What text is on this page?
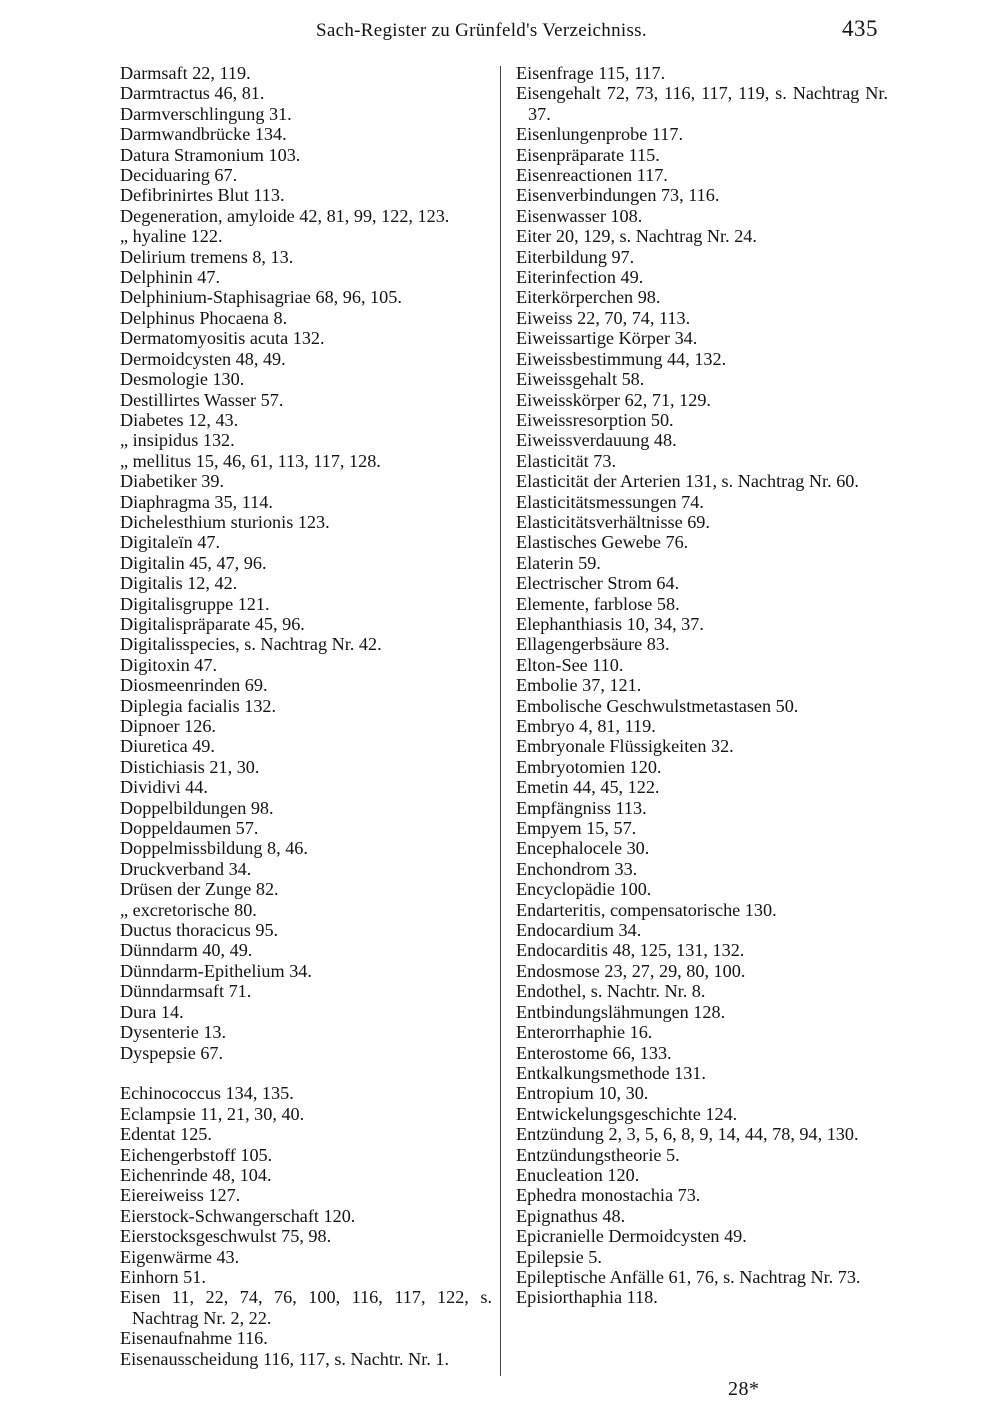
Sach-Register zu Grünfeld's Verzeichniss.	435
Darmsaft 22, 119.
Darmtractus 46, 81.
Darmverschlingung 31.
Darmwandbrücke 134.
Datura Stramonium 103.
Deciduaring 67.
Defibrinirtes Blut 113.
Degeneration, amyloide 42, 81, 99, 122, 123.
„ hyaline 122.
Delirium tremens 8, 13.
Delphinin 47.
Delphinium-Staphisagriae 68, 96, 105.
Delphinus Phocaena 8.
Dermatomyositis acuta 132.
Dermoidcysten 48, 49.
Desmologie 130.
Destillirtes Wasser 57.
Diabetes 12, 43.
„ insipidus 132.
„ mellitus 15, 46, 61, 113, 117, 128.
Diabetiker 39.
Diaphragma 35, 114.
Dichelesthium sturionis 123.
Digitaleïn 47.
Digitalin 45, 47, 96.
Digitalis 12, 42.
Digitalisgruppe 121.
Digitalispräparate 45, 96.
Digitalisspecies, s. Nachtrag Nr. 42.
Digitoxin 47.
Diosmeenrinden 69.
Diplegia facialis 132.
Dipnoer 126.
Diuretica 49.
Distichiasis 21, 30.
Dividivi 44.
Doppelbildungen 98.
Doppeldaumen 57.
Doppelmissbildung 8, 46.
Druckverband 34.
Drüsen der Zunge 82.
„ excretorische 80.
Ductus thoracicus 95.
Dünndarm 40, 49.
Dünndarm-Epithelium 34.
Dünndarmsaft 71.
Dura 14.
Dysenterie 13.
Dyspepsie 67.
Echinococcus 134, 135.
Eclampsie 11, 21, 30, 40.
Edentat 125.
Eichengerbstoff 105.
Eichenrinde 48, 104.
Eiereiweiss 127.
Eierstock-Schwangerschaft 120.
Eierstocksgeschwulst 75, 98.
Eigenwärme 43.
Einhorn 51.
Eisen 11, 22, 74, 76, 100, 116, 117, 122, s. Nachtrag Nr. 2, 22.
Eisenaufnahme 116.
Eisenausscheidung 116, 117, s. Nachtr. Nr. 1.
Eisenfrage 115, 117.
Eisengehalt 72, 73, 116, 117, 119, s. Nachtrag Nr. 37.
Eisenlungenprobe 117.
Eisenpräparate 115.
Eisenreactionen 117.
Eisenverbindungen 73, 116.
Eisenwasser 108.
Eiter 20, 129, s. Nachtrag Nr. 24.
Eiterbildung 97.
Eiterinfection 49.
Eiterkörperchen 98.
Eiweiss 22, 70, 74, 113.
Eiweissartige Körper 34.
Eiweissbestimmung 44, 132.
Eiweissgehalt 58.
Eiweisskörper 62, 71, 129.
Eiweissresorption 50.
Eiweissverdauung 48.
Elasticität 73.
Elasticität der Arterien 131, s. Nachtrag Nr. 60.
Elasticitätsmessungen 74.
Elasticitätsverhältnisse 69.
Elastisches Gewebe 76.
Elaterin 59.
Electrischer Strom 64.
Elemente, farblose 58.
Elephanthiasis 10, 34, 37.
Ellagengerbsäure 83.
Elton-See 110.
Embolie 37, 121.
Embolische Geschwulstmetastasen 50.
Embryo 4, 81, 119.
Embryonale Flüssigkeiten 32.
Embryotomien 120.
Emetin 44, 45, 122.
Empfängniss 113.
Empyem 15, 57.
Encephalocele 30.
Enchondrom 33.
Encyclopädie 100.
Endarteritis, compensatorische 130.
Endocardium 34.
Endocarditis 48, 125, 131, 132.
Endosmose 23, 27, 29, 80, 100.
Endothel, s. Nachtr. Nr. 8.
Entbindungslähmungen 128.
Enterorrhaphie 16.
Enterostome 66, 133.
Entkalkungsmethode 131.
Entropium 10, 30.
Entwickelungsgeschichte 124.
Entzündung 2, 3, 5, 6, 8, 9, 14, 44, 78, 94, 130.
Entzündungstheorie 5.
Enucleation 120.
Ephedra monostachia 73.
Epignathus 48.
Epicranielle Dermoidcysten 49.
Epilepsie 5.
Epileptische Anfälle 61, 76, s. Nachtrag Nr. 73.
Episiorthaphia 118.
28*
